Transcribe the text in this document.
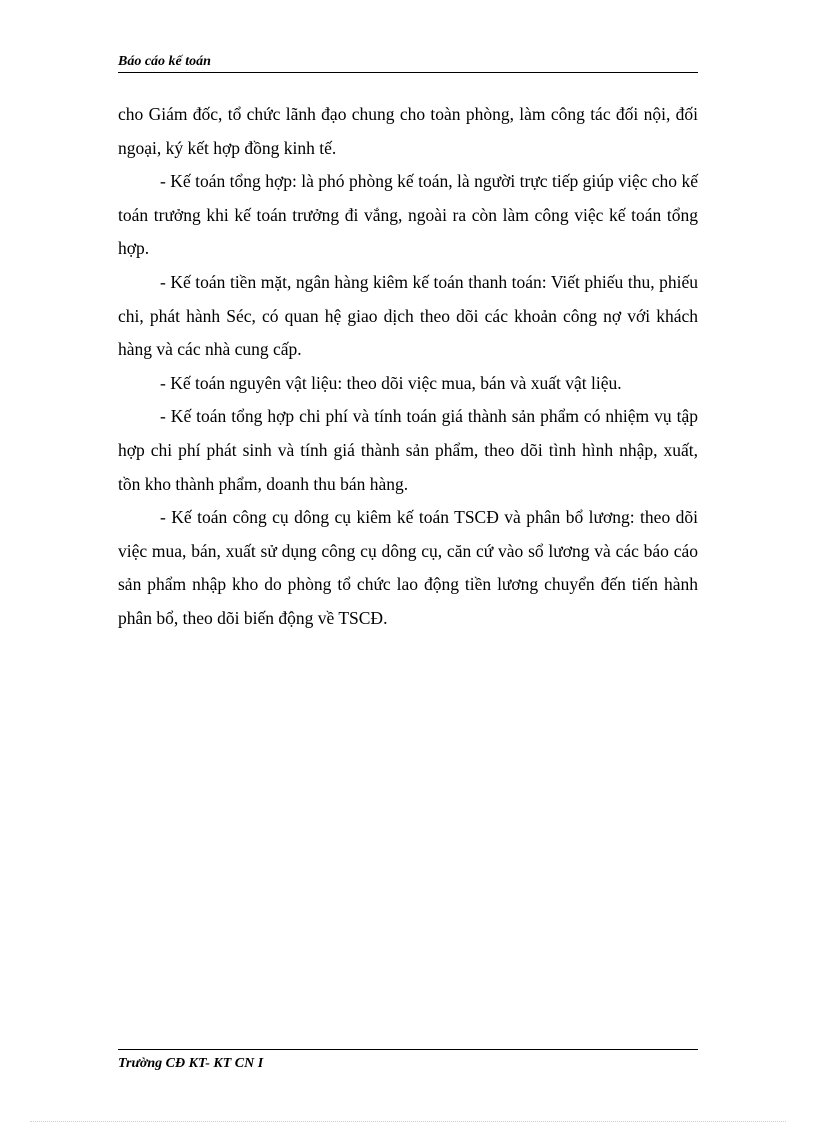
Báo cáo kế toán

cho Giám đốc, tổ chức lãnh đạo chung cho toàn phòng, làm công tác đối nội, đối ngoại, ký kết hợp đồng kinh tế.

- Kế toán tổng hợp: là phó phòng kế toán, là người trực tiếp giúp việc cho kế toán trưởng khi kế toán trưởng đi vắng, ngoài ra còn làm công việc kế toán tổng hợp.

- Kế toán tiền mặt, ngân hàng kiêm kế toán thanh toán: Viết phiếu thu, phiếu chi, phát hành Séc, có quan hệ giao dịch theo dõi các khoản công nợ với khách hàng và các nhà cung cấp.

- Kế toán nguyên vật liệu: theo dõi việc mua, bán và xuất vật liệu.

- Kế toán tổng hợp chi phí và tính toán giá thành sản phẩm có nhiệm vụ tập hợp chi phí phát sinh và tính giá thành sản phẩm, theo dõi tình hình nhập, xuất, tồn kho thành phẩm, doanh thu bán hàng.

- Kế toán công cụ dông cụ kiêm kế toán TSCĐ và phân bổ lương: theo dõi việc mua, bán, xuất sử dụng công cụ dông cụ, căn cứ vào sổ lương và các báo cáo sản phẩm nhập kho do phòng tổ chức lao động tiền lương chuyển đến tiến hành phân bổ, theo dõi biến động về TSCĐ.

Trường CĐ KT- KT CN I
